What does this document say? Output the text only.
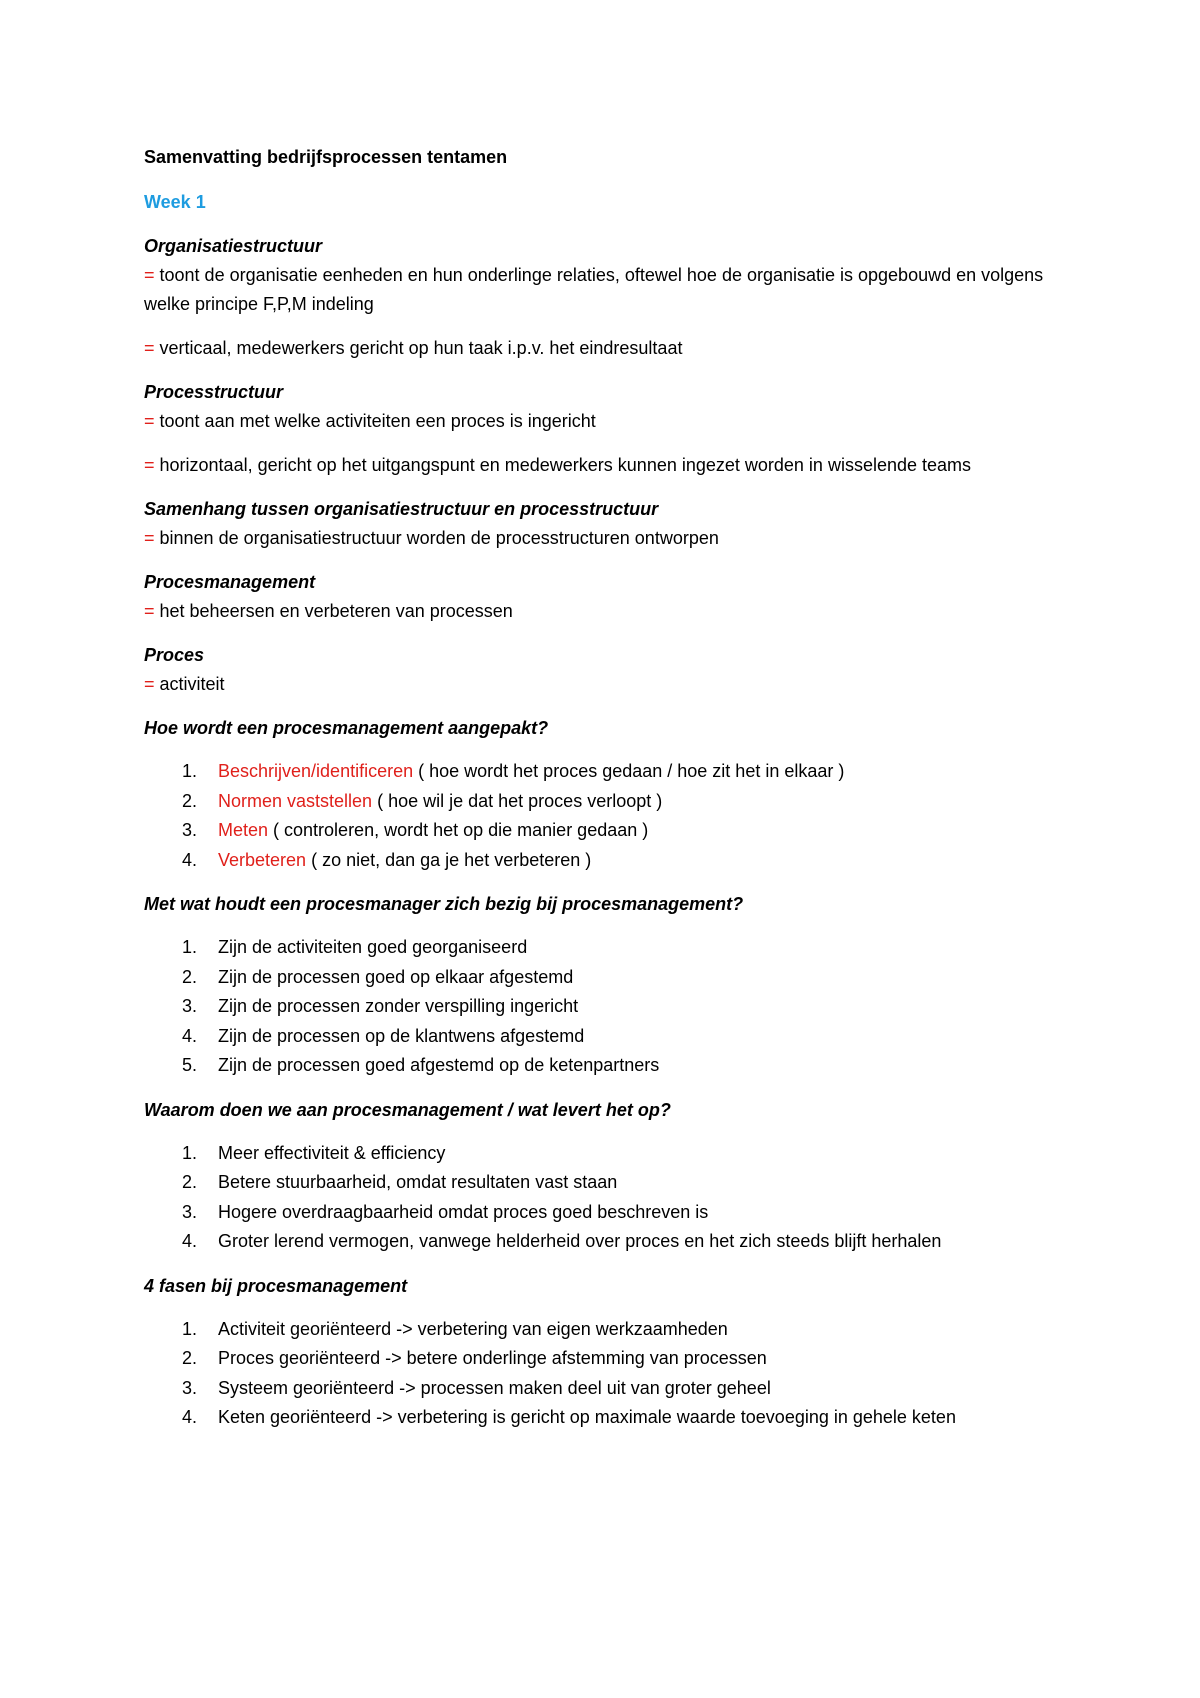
Samenvatting bedrijfsprocessen tentamen

Week 1

Organisatiestructuur

= toont de organisatie eenheden en hun onderlinge relaties, oftewel hoe de organisatie is opgebouwd en volgens welke principe F,P,M indeling

= verticaal, medewerkers gericht op hun taak i.p.v. het eindresultaat

Processtructuur

= toont aan met welke activiteiten een proces is ingericht

= horizontaal, gericht op het uitgangspunt en medewerkers kunnen ingezet worden in wisselende teams

Samenhang tussen organisatiestructuur en processtructuur

= binnen de organisatiestructuur worden de processtructuren ontworpen

Procesmanagement

= het beheersen en verbeteren van processen

Proces

= activiteit

Hoe wordt een procesmanagement aangepakt?

1. Beschrijven/identificeren ( hoe wordt het proces gedaan / hoe zit het in elkaar )
2. Normen vaststellen ( hoe wil je dat het proces verloopt )
3. Meten ( controleren, wordt het op die manier gedaan )
4. Verbeteren ( zo niet, dan ga je het verbeteren )

Met wat houdt een procesmanager zich bezig bij procesmanagement?

1. Zijn de activiteiten goed georganiseerd
2. Zijn de processen goed op elkaar afgestemd
3. Zijn de processen zonder verspilling ingericht
4. Zijn de processen op de klantwens afgestemd
5. Zijn de processen goed afgestemd op de ketenpartners

Waarom doen we aan procesmanagement / wat levert het op?

1. Meer effectiviteit & efficiency
2. Betere stuurbaarheid, omdat resultaten vast staan
3. Hogere overdraagbaarheid omdat proces goed beschreven is
4. Groter lerend vermogen, vanwege helderheid over proces en het zich steeds blijft herhalen

4 fasen bij procesmanagement

1. Activiteit georiënteerd -> verbetering van eigen werkzaamheden
2. Proces georiënteerd -> betere onderlinge afstemming van processen
3. Systeem georiënteerd -> processen maken deel uit van groter geheel
4. Keten georiënteerd -> verbetering is gericht op maximale waarde toevoeging in gehele keten
